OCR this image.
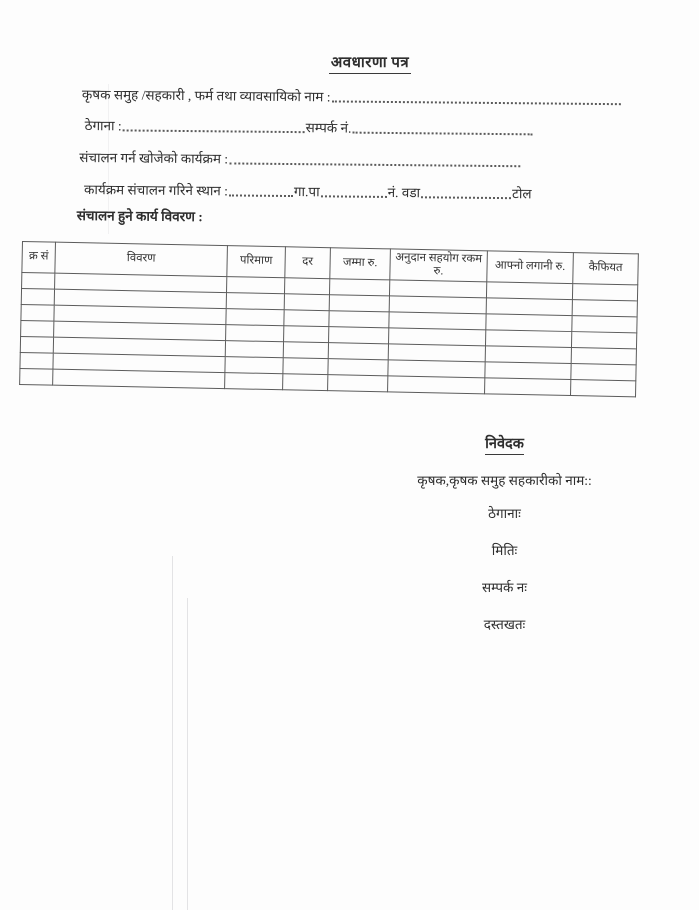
अवधारणा पत्र
कृषक समुह /सहकारी , फर्म तथा व्यावसायिको नाम :
ठेगाना :	सम्पर्क नं.
संचालन गर्न खोजेको कार्यक्रम :
कार्यक्रम संचालन गरिने स्थान :	गा.पा	नं. वडा	टोल
संचालन हुने कार्य विवरण :
क्र सं	विवरण	परिमाण	दर	जम्मा रु.	अनुदान सहयोग रकम रु.	आफ्नो लगानी रु.	कैफियत

निवेदक
कृषक,कृषक समुह सहकारीको नाम::
ठेगानाः
मितिः
सम्पर्क नः
दस्तखतः
